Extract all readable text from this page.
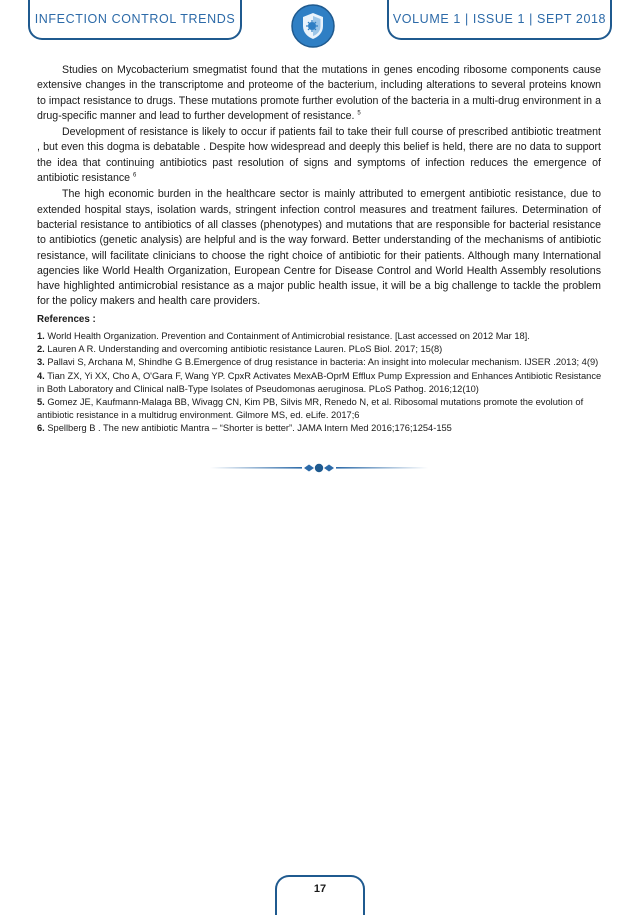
INFECTION CONTROL TRENDS	VOLUME 1 | ISSUE 1 | SEPT 2018

Studies on Mycobacterium smegmatist found that the mutations in genes encoding ribosome components cause extensive changes in the transcriptome and proteome of the bacterium, including alterations to several proteins known to impact resistance to drugs. These mutations promote further evolution of the bacteria in a multi-drug environment in a drug-specific manner and lead to further development of resistance. $^5$

Development of resistance is likely to occur if patients fail to take their full course of prescribed antibiotic treatment , but even this dogma is debatable . Despite how widespread and deeply this belief is held, there are no data to support the idea that continuing antibiotics past resolution of signs and symptoms of infection reduces the emergence of antibiotic resistance $^6$

The high economic burden in the healthcare sector is mainly attributed to emergent antibiotic resistance, due to extended hospital stays, isolation wards, stringent infection control measures and treatment failures. Determination of bacterial resistance to antibiotics of all classes (phenotypes) and mutations that are responsible for bacterial resistance to antibiotics (genetic analysis) are helpful and is the way forward. Better understanding of the mechanisms of antibiotic resistance, will facilitate clinicians to choose the right choice of antibiotic for their patients. Although many International agencies like World Health Organization, European Centre for Disease Control and World Health Assembly resolutions have highlighted antimicrobial resistance as a major public health issue, it will be a big challenge to tackle the problem for the policy makers and health care providers.

References :
1. World Health Organization. Prevention and Containment of Antimicrobial resistance. [Last accessed on 2012 Mar 18].
2. Lauren A R. Understanding and overcoming antibiotic resistance Lauren. PLoS Biol. 2017; 15(8)
3. Pallavi S, Archana M, Shindhe G B.Emergence of drug resistance in bacteria: An insight into molecular mechanism. IJSER .2013; 4(9)
4. Tian ZX, Yi XX, Cho A, O'Gara F, Wang YP. CpxR Activates MexAB-OprM Efflux Pump Expression and Enhances Antibiotic Resistance in Both Laboratory and Clinical nalB-Type Isolates of Pseudomonas aeruginosa. PLoS Pathog. 2016;12(10)
5. Gomez JE, Kaufmann-Malaga BB, Wivagg CN, Kim PB, Silvis MR, Renedo N, et al. Ribosomal mutations promote the evolution of antibiotic resistance in a multidrug environment. Gilmore MS, ed. eLife. 2017;6
6. Spellberg B . The new antibiotic Mantra – “Shorter is better”. JAMA Intern Med 2016;176;1254-155
17
